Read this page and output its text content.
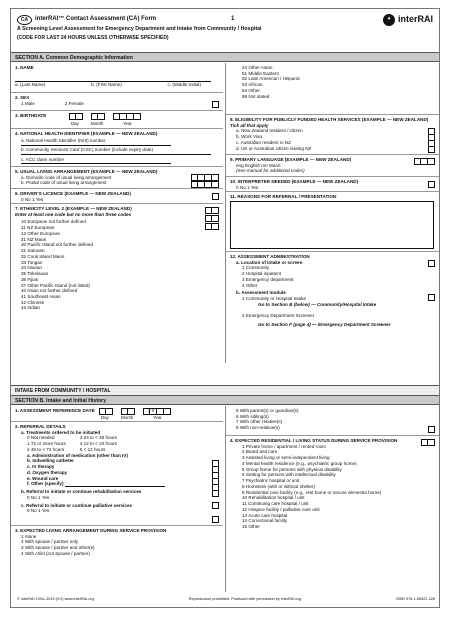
CA	interRAI™ Contact Assessment (CA) Form	1	◕ interRAI
A Screening Level Assessment for Emergency Department and Intake from Community / Hospital
(CODE FOR LAST 24 HOURS UNLESS OTHERWISE SPECIFIED)
SECTION A. Common Demographic Information
1. NAME
a. (Last Name)	b. (First Name)	c. (Middle Initial)
2. SEX
1 Male	2 Female
3. BIRTHDATE
Day	Month	Year
4. NATIONAL HEALTH IDENTIFIER (EXAMPLE — NEW ZEALAND)
a. National Health Identifier (NHI) number
b. Community Services Card (CSC) number (include expiry date)
c. ACC claim number
5. USUAL LIVING ARRANGEMENT (EXAMPLE — NEW ZEALAND)
a. Domicile code of usual living arrangement
b. Postal code of usual living arrangement
6. DRIVER’S LICENCE (EXAMPLE — NEW ZEALAND)
0 No 1 Yes
7. ETHNICITY LEVEL 2 (EXAMPLE — NEW ZEALAND)
Enter at least one code but no more than three codes
10 European not further defined
11 NZ European
12 Other European
21 NZ Maori
30 Pacific Island not further defined
31 Samoan
32 Cook Island Maori
33 Tongan
34 Niuean
35 Tokelauan
36 Fijian
37 Other Pacific Island (not listed)
40 Asian not further defined
41 Southeast Asian
42 Chinese
43 Indian
44 Other Asian
51 Middle Eastern
52 Latin American / Hispanic
53 African
54 Other
99 Not stated
8. ELIGIBILITY FOR PUBLICLY FUNDED HEALTH SERVICES (EXAMPLE — NEW ZEALAND)
Tick all that apply
a. New Zealand resident / citizen
b. Work Visa
c. Australian resident in NZ
d. UK or Australian citizen visiting NZ
9. PRIMARY LANGUAGE (EXAMPLE — NEW ZEALAND)
eng English mri Maori
(See manual for additional codes)
10. INTERPRETER NEEDED (EXAMPLE — NEW ZEALAND)
0 No 1 Yes
11. REASONS FOR REFERRAL / PRESENTATION
12. ASSESSMENT ADMINISTRATION
a. Location of intake or screen
1 Community
2 Hospital inpatient
3 Emergency department
4 Other
b. Assessment module
1 Community or Hospital Intake
Go to Section B (below) — Community/Hospital Intake
2 Emergency Department Screener
Go to Section F (page 4) — Emergency Department Screener
INTAKE FROM COMMUNITY / HOSPITAL
SECTION B. Intake and Initial History
1. ASSESSMENT REFERENCE DATE	2 0
Day	Month	Year
2. REFERRAL DETAILS
a. Treatments ordered to be initiated
0 Not needed
1 72 or more hours
2 48 to < 72 hours
3 24 to < 48 hours
4 12 to < 24 hours
5 < 12 hours
a. Administration of medication (other than IV)
b. Indwelling catheter
c. IV therapy
d. Oxygen therapy
e. Wound care
f. Other (specify)
b. Referral to initiate or continue rehabilitation services
0 No 1 Yes
c. Referral to initiate or continue palliative services
0 No 1 Yes
3. EXPECTED LIVING ARRANGEMENT DURING SERVICE PROVISION
1 Alone
2 With spouse / partner only
3 With spouse / partner and other(s)
4 With child (not spouse / partner)
5 With parent(s) or guardian(s)
6 With sibling(s)
7 With other relative(s)
8 With non-relative(s)
4. EXPECTED RESIDENTIAL / LIVING STATUS DURING SERVICE PROVISION
1 Private home / apartment / rented room
2 Board and care
3 Assisted living or semi-independent living
4 Mental health residence (e.g., psychiatric group home)
5 Group home for persons with physical disability
6 Setting for persons with intellectual disability
7 Psychiatric hospital or unit
8 Homeless (with or without shelter)
9 Residential care facility (e.g., rest home or secure dementia home)
10 Rehabilitation hospital / unit
11 Continuing care hospital / unit
12 Hospice facility / palliative care unit
13 Acute care hospital
14 Correctional facility
15 Other
© interRAI 1994–2019 (9.2) www.interRAI.org	Reproduction prohibited. Produced with permission by interRAI.org	ISBN 978-1-55322-326
